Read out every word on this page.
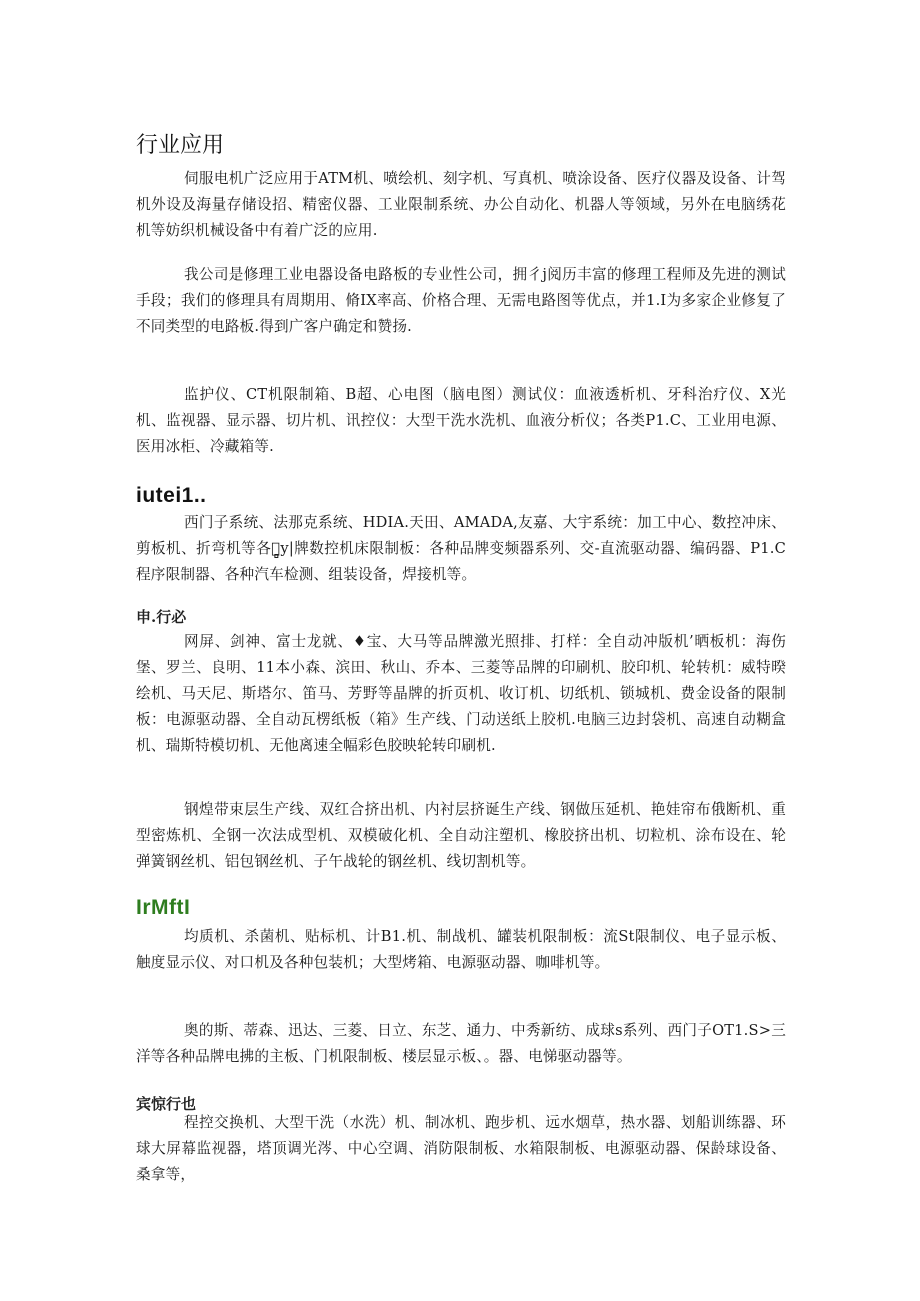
行业应用

伺服电机广泛应用于ATM机、喷绘机、刻字机、写真机、喷涂设备、医疗仪器及设备、计驾机外设及海量存储设招、精密仪器、工业限制系统、办公自动化、机器人等领域，另外在电脑绣花机等妨织机械设备中有着广泛的应用.

我公司是修理工业电器设备电路板的专业性公司，拥彳j阅历丰富的修理工程师及先进的测试手段；我们的修理具有周期用、脩IX率高、价格合理、无需电路图等优点，并1.I为多家企业修复了不同类型的电路板.得到广客户确定和赞扬.

监护仪、CT机限制箱、B超、心电图（脑电图）测试仪：血液透析机、牙科治疗仪、X光机、监视器、显示器、切片机、讯控仪：大型干洗水洗机、血液分析仪；各类P1.C、工业用电源、医用冰柜、冷藏箱等.

iutei1..

西门子系统、法那克系统、HDIA.天田、AMADA,友嘉、大宇系统：加工中心、数控冲床、剪板机、折弯机等各种̻y|牌数控机床限制板：各种品牌变频器系列、交-直流驱动器、编码器、P1.C程序限制器、各种汽车检测、组装设备，焊接机等。

申.行必

网屏、剑神、富士龙就、♦宝、大马等品牌激光照排、打样：全自动冲版机’晒板机：海伤堡、罗兰、良明、11本小森、滨田、秋山、乔本、三菱等品牌的印刷机、胶印机、轮转机：威特暌绘机、马天尼、斯塔尔、笛马、芳野等晶牌的折页机、收订机、切纸机、锁城机、费金设备的限制板：电源驱动器、全自动瓦楞纸板（箱》生产线、门动送纸上胶机.电脑三边封袋机、高速自动糊盒机、瑞斯特模切机、无他离速全幅彩色胶映轮转印刷机.

钢煌带束层生产线、双红合挤出机、内衬层挤诞生产线、钢做压延机、艳娃帘布俄断机、重型密炼机、全钢一次法成型机、双模破化机、全自动注塑机、橡胶挤出机、切粒机、涂布设在、轮弹簧钢丝机、铝包钢丝机、子午战轮的钢丝机、线切割机等。

IrMftI

均质机、杀菌机、贴标机、计B1.机、制战机、罐装机限制板：流St限制仪、电子显示板、触度显示仪、对口机及各种包装机；大型烤箱、电源驱动器、咖啡机等。

奥的斯、蒂森、迅达、三菱、日立、东芝、通力、中秀新纺、成球s系列、西门子OT1.S>三洋等各种品牌电拂的主板、门机限制板、楼层显示板、。器、电悌驱动器等。

宾惊行也

程控交换机、大型干洗（水洗）机、制冰机、跑步机、远水烟草，热水器、划船训练器、环球大屏幕监视器，塔顶调光涔、中心空调、消防限制板、水箱限制板、电源驱动器、保龄球设备、桑拿等，
